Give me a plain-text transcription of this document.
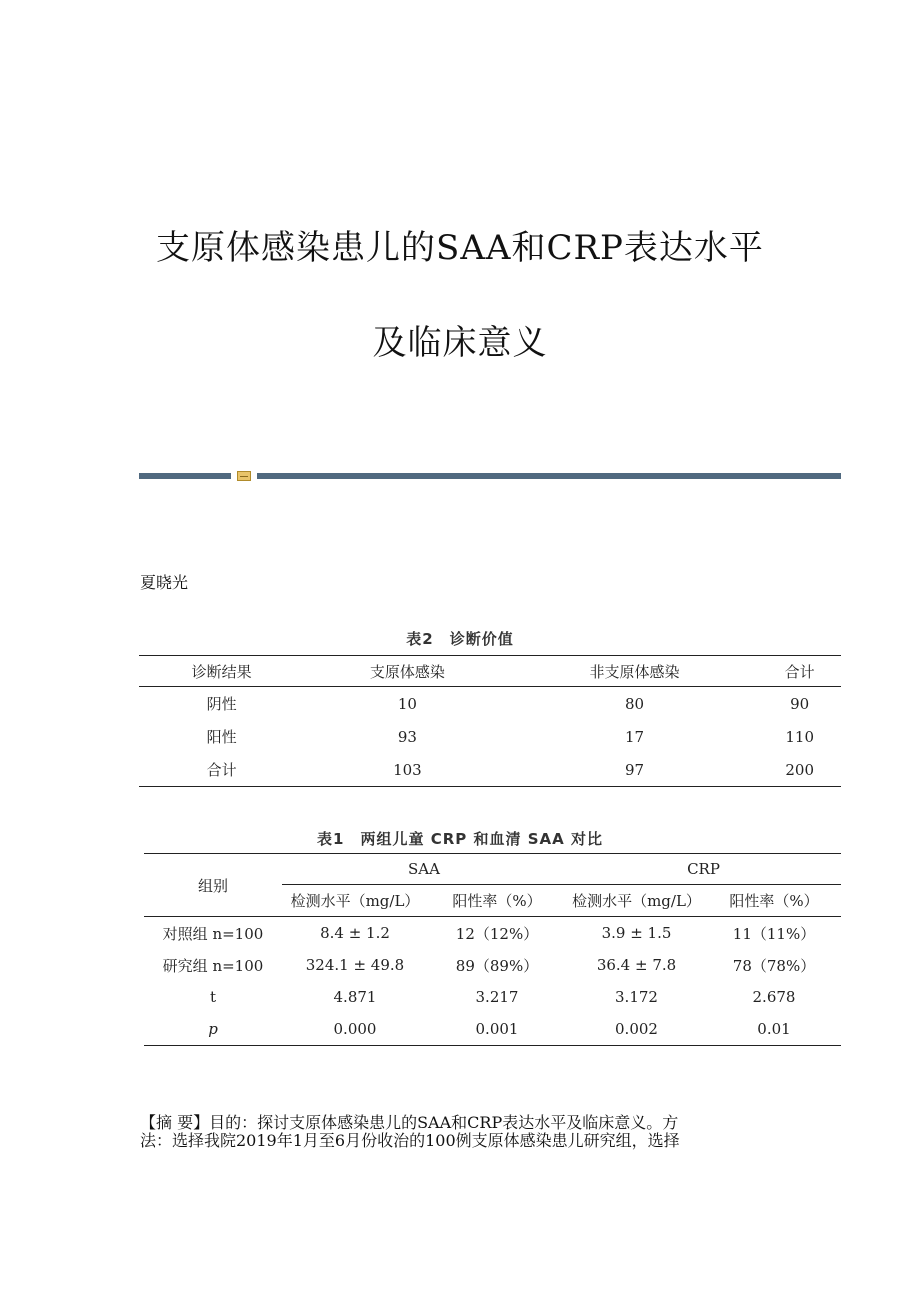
支原体感染患儿的SAA和CRP表达水平
及临床意义
夏晓光
表2　诊断价值
诊断结果	支原体感染	非支原体感染	合计
阴性	10	80	90
阳性	93	17	110
合计	103	97	200
表1　两组儿童 CRP 和血清 SAA 对比
组别	SAA		CRP	
	检测水平（mg/L）	阳性率（%）	检测水平（mg/L）	阳性率（%）
对照组 n=100	8.4 ± 1.2	12（12%）	3.9 ± 1.5	11（11%）
研究组 n=100	324.1 ± 49.8	89（89%）	36.4 ± 7.8	78（78%）
t	4.871	3.217	3.172	2.678
p	0.000	0.001	0.002	0.01
【摘 要】目的：探讨支原体感染患儿的SAA和CRP表达水平及临床意义。方
法：选择我院2019年1月至6月份收治的100例支原体感染患儿研究组，选择
